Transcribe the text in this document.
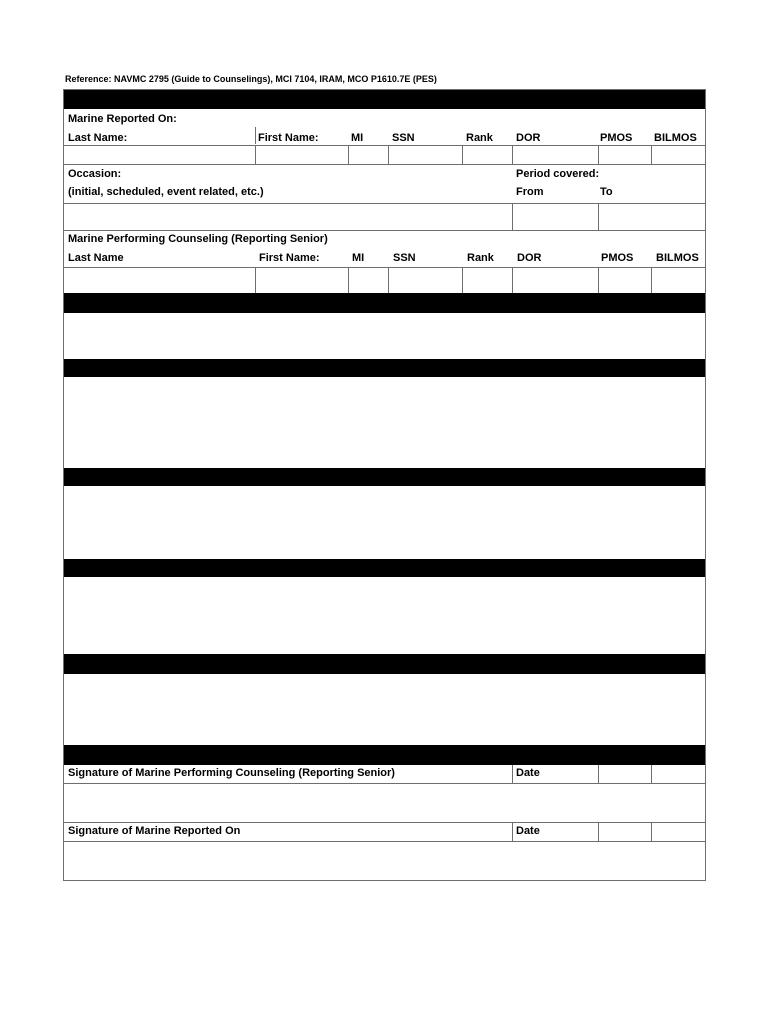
Reference: NAVMC 2795 (Guide to Counselings), MCI 7104, IRAM, MCO P1610.7E (PES)
Marine Reported On:
Last Name:	First Name:	MI	SSN	Rank DOR	PMOS BILMOS
Occasion:
(initial, scheduled, event related, etc.)
Period covered:
From	To
Marine Performing Counseling (Reporting Senior)
Last Name	First Name:	MI	SSN	Rank DOR	PMOS BILMOS
Signature of Marine Performing Counseling (Reporting Senior)	Date
Signature of Marine Reported On	Date
